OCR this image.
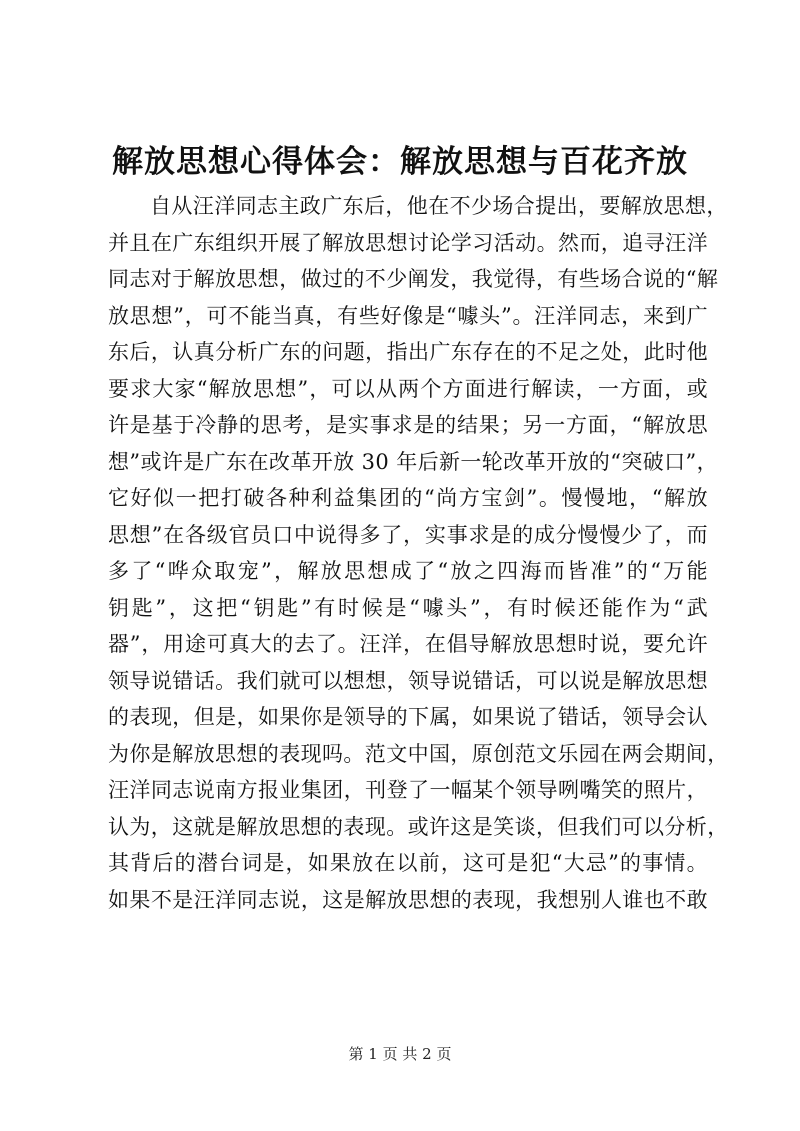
解放思想心得体会：解放思想与百花齐放
自从汪洋同志主政广东后，他在不少场合提出，要解放思想，
并且在广东组织开展了解放思想讨论学习活动。然而，追寻汪洋
同志对于解放思想，做过的不少阐发，我觉得，有些场合说的“解
放思想”，可不能当真，有些好像是“噱头”。汪洋同志，来到广
东后，认真分析广东的问题，指出广东存在的不足之处，此时他
要求大家“解放思想”，可以从两个方面进行解读，一方面，或
许是基于冷静的思考，是实事求是的结果；另一方面，“解放思
想”或许是广东在改革开放 30 年后新一轮改革开放的“突破口”，
它好似一把打破各种利益集团的“尚方宝剑”。慢慢地，“解放
思想”在各级官员口中说得多了，实事求是的成分慢慢少了，而
多了“哗众取宠”，解放思想成了“放之四海而皆准”的“万能
钥匙”，这把“钥匙”有时候是“噱头”，有时候还能作为“武
器”，用途可真大的去了。汪洋，在倡导解放思想时说，要允许
领导说错话。我们就可以想想，领导说错话，可以说是解放思想
的表现，但是，如果你是领导的下属，如果说了错话，领导会认
为你是解放思想的表现吗。范文中国，原创范文乐园在两会期间，
汪洋同志说南方报业集团，刊登了一幅某个领导咧嘴笑的照片，
认为，这就是解放思想的表现。或许这是笑谈，但我们可以分析，
其背后的潜台词是，如果放在以前，这可是犯“大忌”的事情。
如果不是汪洋同志说，这是解放思想的表现，我想别人谁也不敢
第 1 页 共 2 页
